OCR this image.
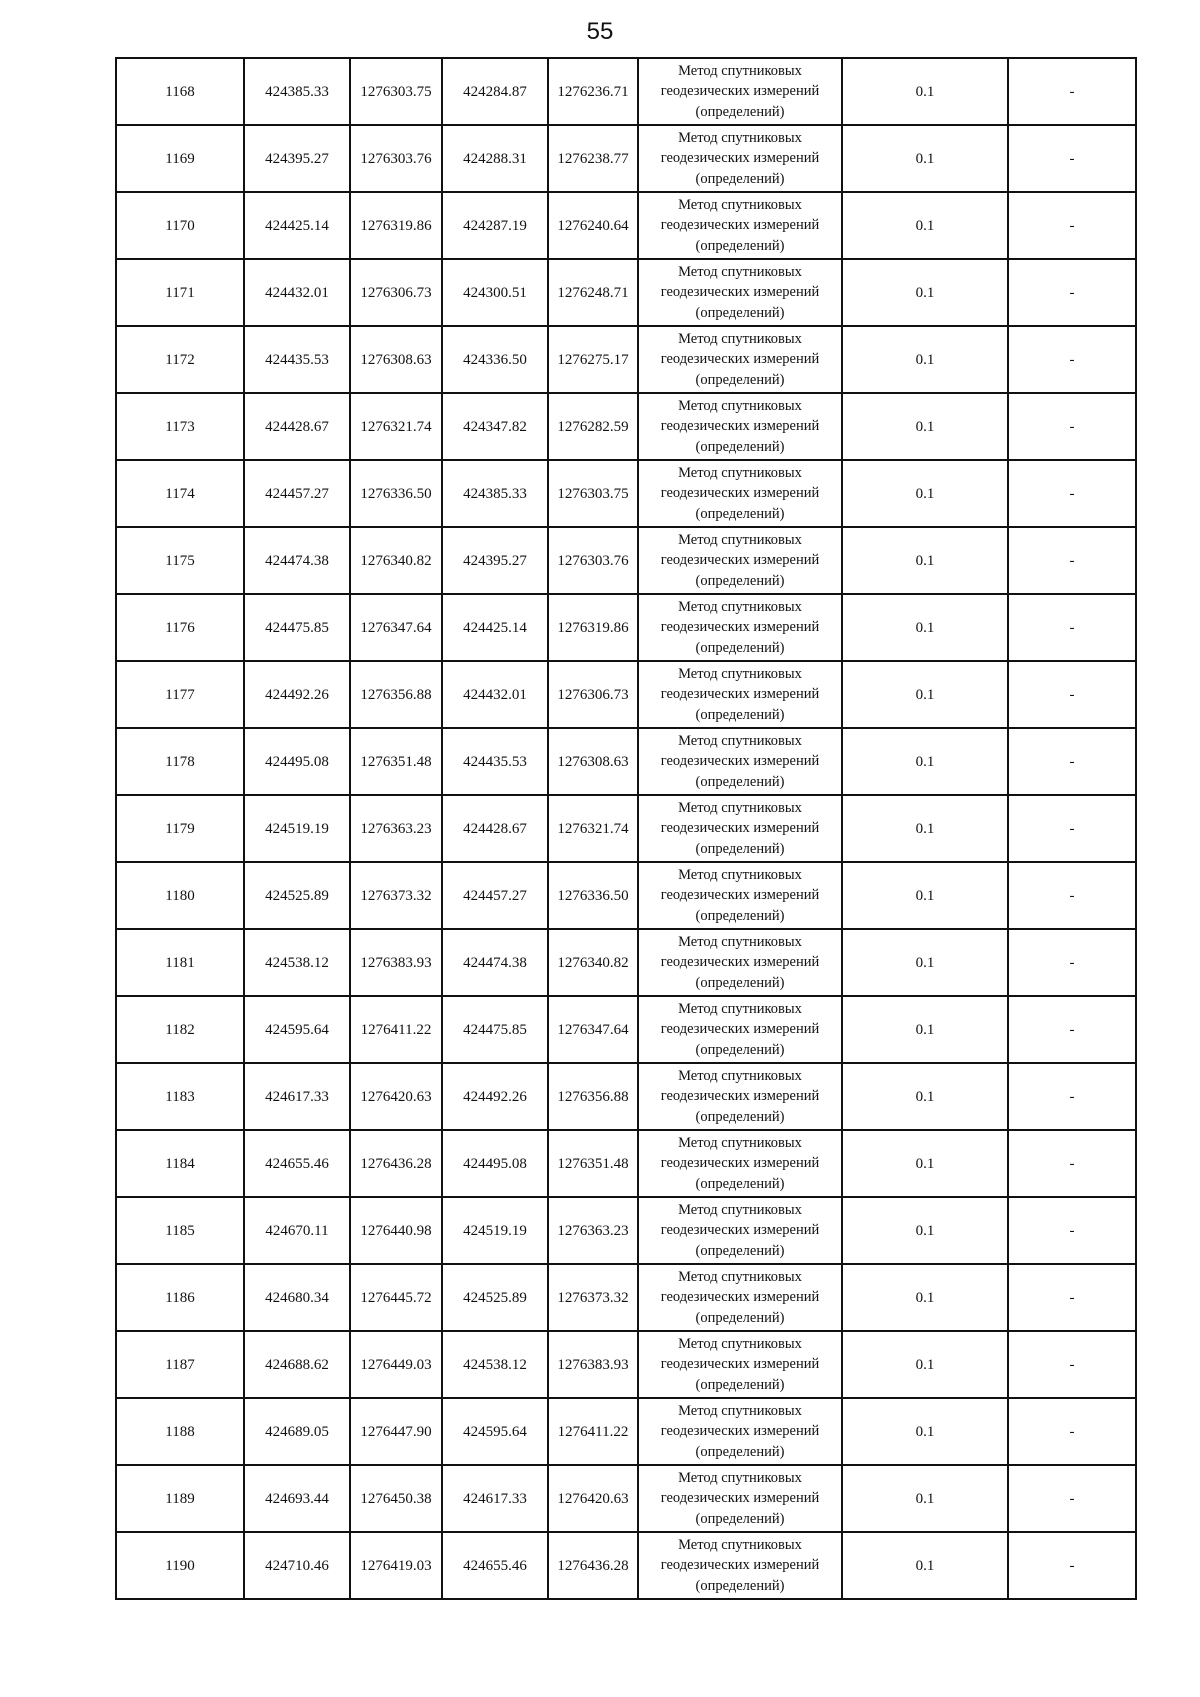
55
1168	424385.33	1276303.75	424284.87	1276236.71	Метод спутниковых геодезических измерений (определений)	0.1	-
1169	424395.27	1276303.76	424288.31	1276238.77	Метод спутниковых геодезических измерений (определений)	0.1	-
1170	424425.14	1276319.86	424287.19	1276240.64	Метод спутниковых геодезических измерений (определений)	0.1	-
1171	424432.01	1276306.73	424300.51	1276248.71	Метод спутниковых геодезических измерений (определений)	0.1	-
1172	424435.53	1276308.63	424336.50	1276275.17	Метод спутниковых геодезических измерений (определений)	0.1	-
1173	424428.67	1276321.74	424347.82	1276282.59	Метод спутниковых геодезических измерений (определений)	0.1	-
1174	424457.27	1276336.50	424385.33	1276303.75	Метод спутниковых геодезических измерений (определений)	0.1	-
1175	424474.38	1276340.82	424395.27	1276303.76	Метод спутниковых геодезических измерений (определений)	0.1	-
1176	424475.85	1276347.64	424425.14	1276319.86	Метод спутниковых геодезических измерений (определений)	0.1	-
1177	424492.26	1276356.88	424432.01	1276306.73	Метод спутниковых геодезических измерений (определений)	0.1	-
1178	424495.08	1276351.48	424435.53	1276308.63	Метод спутниковых геодезических измерений (определений)	0.1	-
1179	424519.19	1276363.23	424428.67	1276321.74	Метод спутниковых геодезических измерений (определений)	0.1	-
1180	424525.89	1276373.32	424457.27	1276336.50	Метод спутниковых геодезических измерений (определений)	0.1	-
1181	424538.12	1276383.93	424474.38	1276340.82	Метод спутниковых геодезических измерений (определений)	0.1	-
1182	424595.64	1276411.22	424475.85	1276347.64	Метод спутниковых геодезических измерений (определений)	0.1	-
1183	424617.33	1276420.63	424492.26	1276356.88	Метод спутниковых геодезических измерений (определений)	0.1	-
1184	424655.46	1276436.28	424495.08	1276351.48	Метод спутниковых геодезических измерений (определений)	0.1	-
1185	424670.11	1276440.98	424519.19	1276363.23	Метод спутниковых геодезических измерений (определений)	0.1	-
1186	424680.34	1276445.72	424525.89	1276373.32	Метод спутниковых геодезических измерений (определений)	0.1	-
1187	424688.62	1276449.03	424538.12	1276383.93	Метод спутниковых геодезических измерений (определений)	0.1	-
1188	424689.05	1276447.90	424595.64	1276411.22	Метод спутниковых геодезических измерений (определений)	0.1	-
1189	424693.44	1276450.38	424617.33	1276420.63	Метод спутниковых геодезических измерений (определений)	0.1	-
1190	424710.46	1276419.03	424655.46	1276436.28	Метод спутниковых геодезических измерений (определений)	0.1	-
